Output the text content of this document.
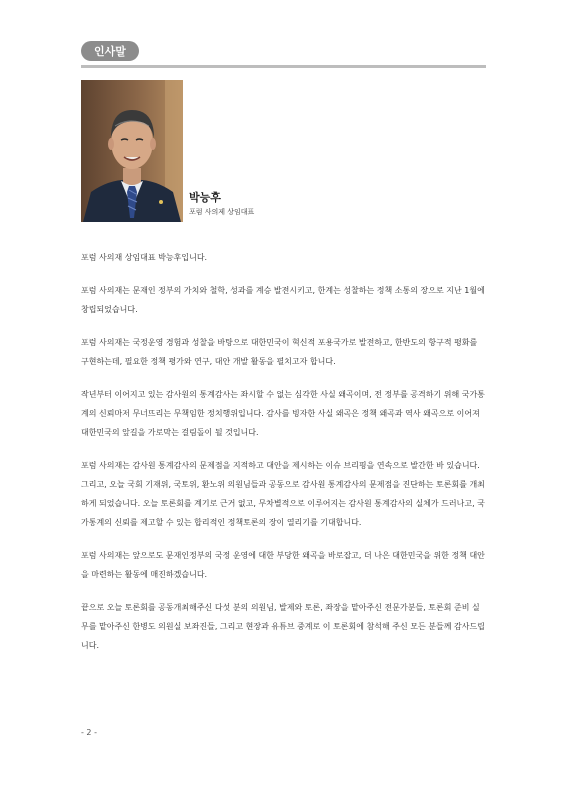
인사말
박능후
포럼 사의제 상임대표

포럼 사의재 상임대표 박능후입니다.

포럼 사의재는 문재인 정부의 가치와 철학, 성과를 계승 발전시키고, 한계는 성찰하는 정책 소통의 장으로 지난 1월에 창립되었습니다.

포럼 사의재는 국정운영 경험과 성찰을 바탕으로 대한민국이 혁신적 포용국가로 발전하고, 한반도의 항구적 평화를 구현하는데, 필요한 정책 평가와 연구, 대안 개발 활동을 펼치고자 합니다.

작년부터 이어지고 있는 감사원의 통계감사는 좌시할 수 없는 심각한 사실 왜곡이며, 전 정부를 공격하기 위해 국가통계의 신뢰마저 무너뜨리는 무책임한 정치행위입니다. 감사를 빙자한 사실 왜곡은 정책 왜곡과 역사 왜곡으로 이어져 대한민국의 앞길을 가로막는 걸림돌이 될 것입니다.

포럼 사의재는 감사원 통계감사의 문제점을 지적하고 대안을 제시하는 이슈 브리핑을 연속으로 발간한 바 있습니다. 그리고, 오늘 국회 기재위, 국토위, 환노위 의원님들과 공동으로 감사원 통계감사의 문제점을 진단하는 토론회를 개최하게 되었습니다. 오늘 토론회를 계기로 근거 없고, 무차별적으로 이루어지는 감사원 통계감사의 실체가 드러나고, 국가통계의 신뢰를 제고할 수 있는 합리적인 정책토론의 장이 열리기를 기대합니다.

포럼 사의재는 앞으로도 문재인정부의 국정 운영에 대한 부당한 왜곡을 바로잡고, 더 나은 대한민국을 위한 정책 대안을 마련하는 활동에 매진하겠습니다.

끝으로 오늘 토론회를 공동개최해주신 다섯 분의 의원님, 발제와 토론, 좌장을 맡아주신 전문가분들, 토론회 준비 실무를 맡아주신 한병도 의원실 보좌진들, 그리고 현장과 유튜브 중계로 이 토론회에 참석해 주신 모든 분들께 감사드립니다.

- 2 -
